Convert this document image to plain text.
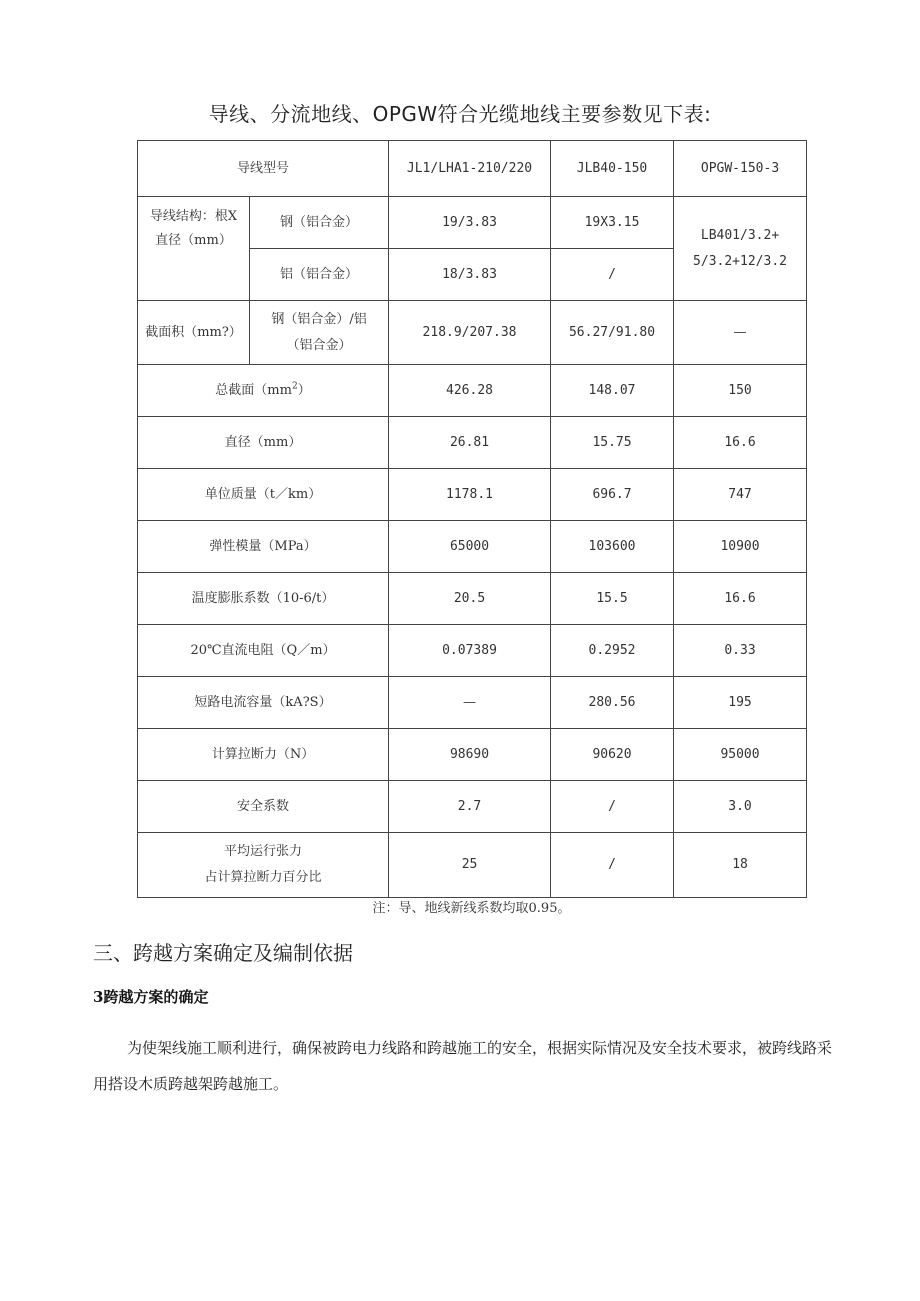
导线、分流地线、OPGW符合光缆地线主要参数见下表:
导线型号		JL1/LHA1-210/220	JLB40-150	OPGW-150-3

导线结构：根X
直径（mm）	钢（铝合金）	19/3.83	19X3.15	LB401/3.2+
5/3.2+12/3.2

	铝（铝合金）	18/3.83	/	
截面积（mm?）	钢（铝合金）/铝
（铝合金）	218.9/207.38	56.27/91.80	—
总截面$(mm^2)$		426.28	148.07	150
直径（mm）		26.81	15.75	16.6
单位质量（t／km）		1178.1	696.7	747
弹性模量（MPa）		65000	103600	10900
温度膨胀系数（10-6/t）		20.5	15.5	16.6
20℃直流电阻（Q／m）		0.07389	0.2952	0.33
短路电流容量（kA?S）		—	280.56	195
计算拉断力（N）		98690	90620	95000
安全系数		2.7	/	3.0

平均运行张力
占计算拉断力百分比		25	/	18
注：导、地线新线系数均取0.95。
三、跨越方案确定及编制依据
3跨越方案的确定
为使架线施工顺利进行，确保被跨电力线路和跨越施工的安全，根据实际情况及安全技术要求，被跨线路采用搭设木质跨越架跨越施工。
